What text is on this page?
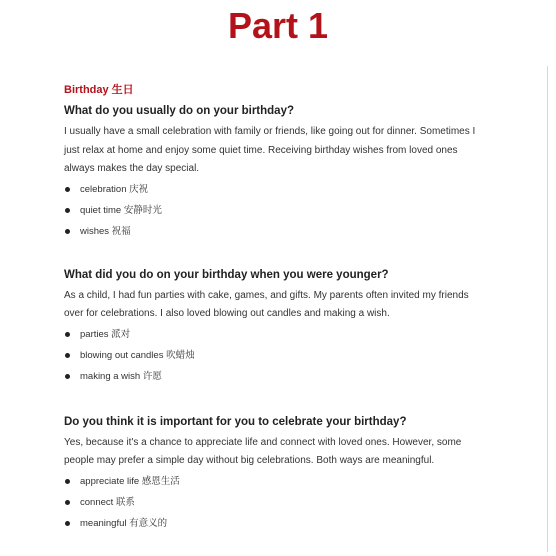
Part 1
Birthday 生日
What do you usually do on your birthday?

I usually have a small celebration with family or friends, like going out for dinner. Sometimes I
just relax at home and enjoy some quiet time. Receiving birthday wishes from loved ones
always makes the day special.

celebration 庆祝
quiet time 安静时光
wishes 祝福
What did you do on your birthday when you were younger?

As a child, I had fun parties with cake, games, and gifts. My parents often invited my friends
over for celebrations. I also loved blowing out candles and making a wish.

parties 派对
blowing out candles 吹蜡烛
making a wish 许愿
Do you think it is important for you to celebrate your birthday?

Yes, because it's a chance to appreciate life and connect with loved ones. However, some
people may prefer a simple day without big celebrations. Both ways are meaningful.

appreciate life 感恩生活
connect 联系
meaningful 有意义的
